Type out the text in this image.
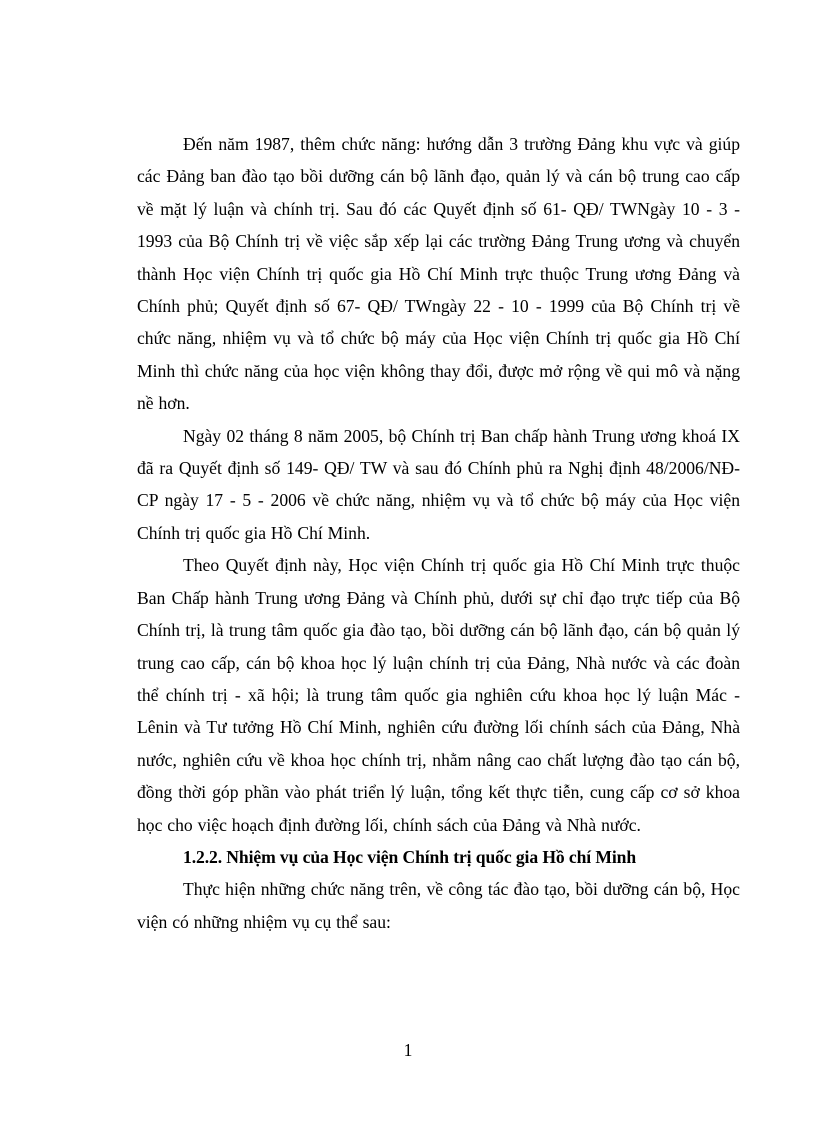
Đến năm 1987, thêm chức năng: hướng dẫn 3 trường Đảng khu vực và giúp các Đảng ban đào tạo bồi dưỡng cán bộ lãnh đạo, quản lý và cán bộ trung cao cấp về mặt lý luận và chính trị. Sau đó các Quyết định số 61- QĐ/ TWNgày 10 - 3 - 1993 của Bộ Chính trị về việc sắp xếp lại các trường Đảng Trung ương và chuyển thành Học viện Chính trị quốc gia Hồ Chí Minh trực thuộc Trung ương Đảng và Chính phủ; Quyết định số 67- QĐ/ TWngày 22 - 10 - 1999 của Bộ Chính trị về chức năng, nhiệm vụ và tổ chức bộ máy của Học viện Chính trị quốc gia Hồ Chí Minh thì chức năng của học viện không thay đổi, được mở rộng về qui mô và nặng nề hơn.

Ngày 02 tháng 8 năm 2005, bộ Chính trị Ban chấp hành Trung ương khoá IX đã ra Quyết định số 149- QĐ/ TW và sau đó Chính phủ ra Nghị định 48/2006/NĐ- CP ngày 17 - 5 - 2006 về chức năng, nhiệm vụ và tổ chức bộ máy của Học viện Chính trị quốc gia Hồ Chí Minh.

Theo Quyết định này, Học viện Chính trị quốc gia Hồ Chí Minh trực thuộc Ban Chấp hành Trung ương Đảng và Chính phủ, dưới sự chỉ đạo trực tiếp của Bộ Chính trị, là trung tâm quốc gia đào tạo, bồi dưỡng cán bộ lãnh đạo, cán bộ quản lý trung cao cấp, cán bộ khoa học lý luận chính trị của Đảng, Nhà nước và các đoàn thể chính trị - xã hội; là trung tâm quốc gia nghiên cứu khoa học lý luận Mác - Lênin và Tư tưởng Hồ Chí Minh, nghiên cứu đường lối chính sách của Đảng, Nhà nước, nghiên cứu về khoa học chính trị, nhằm nâng cao chất lượng đào tạo cán bộ, đồng thời góp phần vào phát triển lý luận, tổng kết thực tiễn, cung cấp cơ sở khoa học cho việc hoạch định đường lối, chính sách của Đảng và Nhà nước.

1.2.2. Nhiệm vụ của Học viện Chính trị quốc gia Hồ chí Minh

Thực hiện những chức năng trên, về công tác đào tạo, bồi dưỡng cán bộ, Học viện có những nhiệm vụ cụ thể sau:

1
